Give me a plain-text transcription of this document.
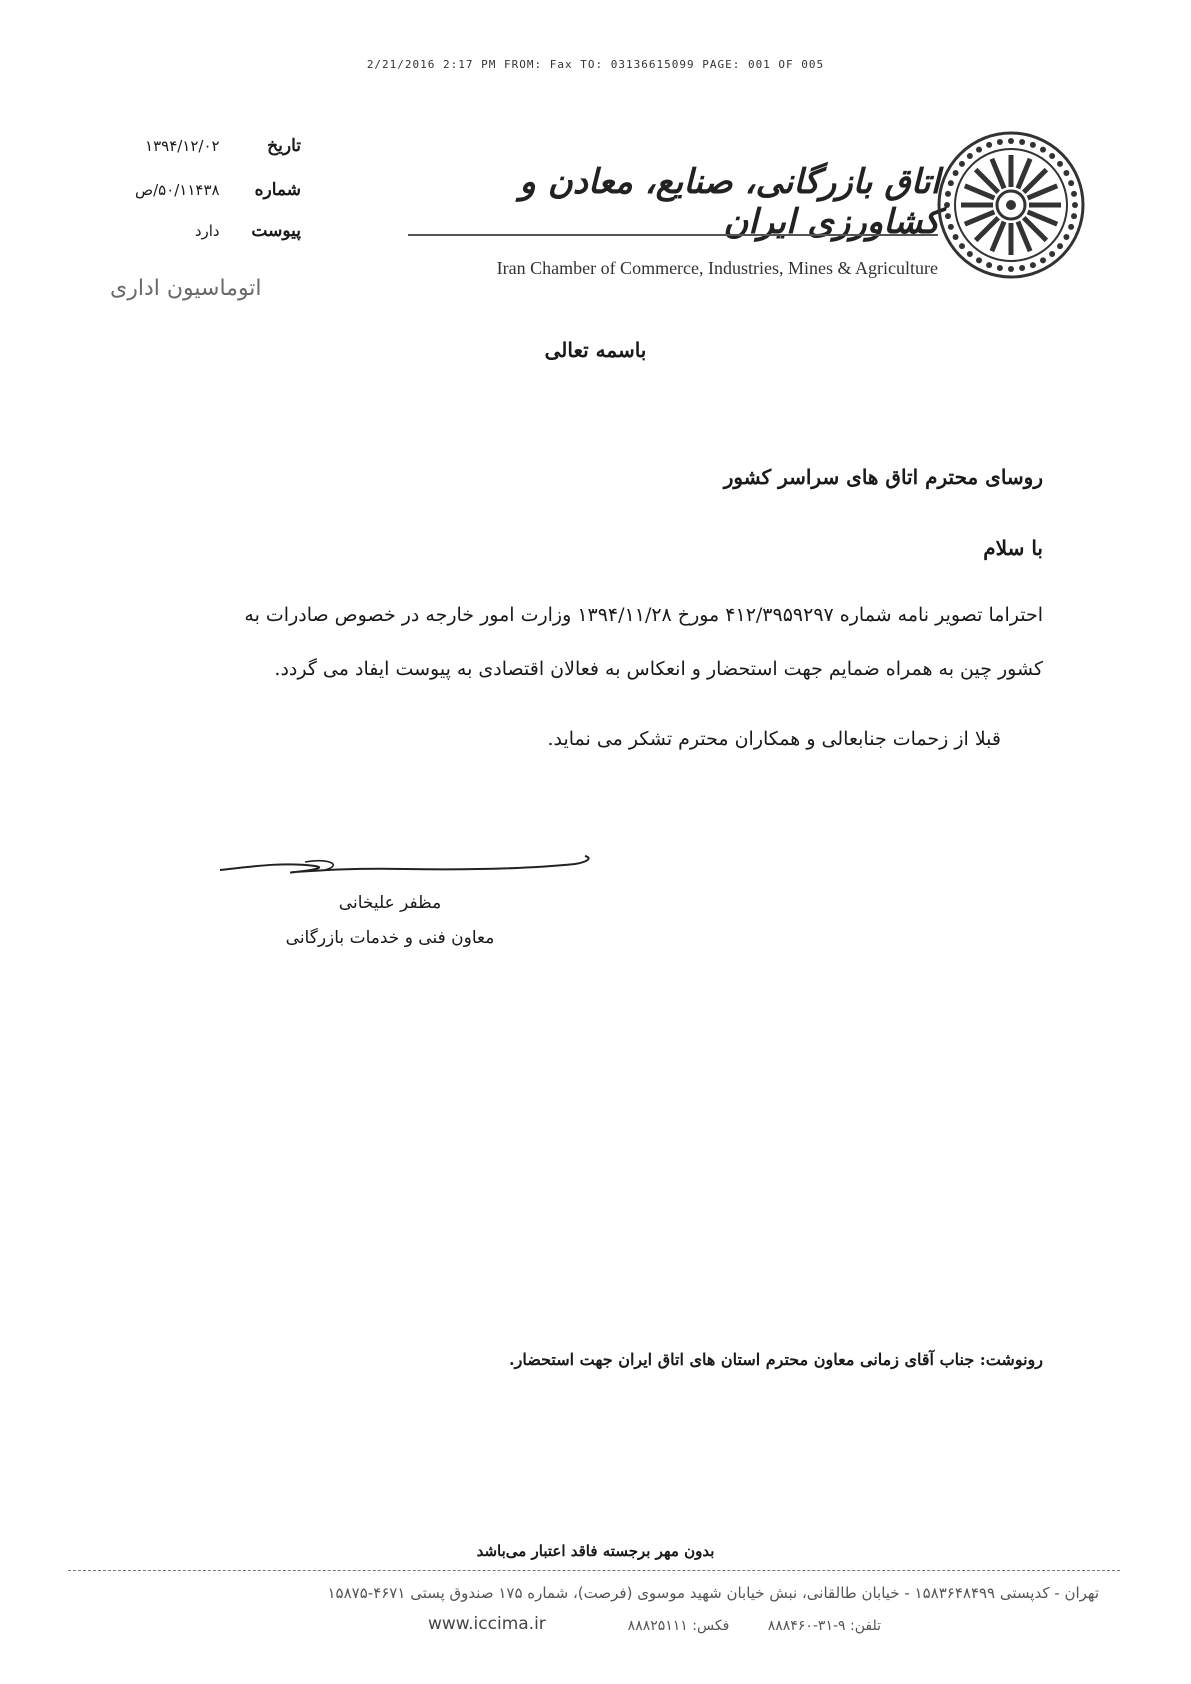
2/21/2016 2:17 PM FROM: Fax TO: 03136615099 PAGE: 001 OF 005
تاریخ ۱۳۹۴/۱۲/۰۲
شماره ۵۰/۱۱۴۳۸/ص
پیوست دارد
اتوماسیون اداری
اتاق بازرگانی، صنایع، معادن و کشاورزی ایران
Iran Chamber of Commerce, Industries, Mines & Agriculture
باسمه تعالی
روسای محترم اتاق های سراسر کشور
با سلام
احتراما تصویر نامه شماره ۴۱۲/۳۹۵۹۲۹۷ مورخ ۱۳۹۴/۱۱/۲۸ وزارت امور خارجه در خصوص صادرات به
کشور چین به همراه ضمایم جهت استحضار و انعکاس به فعالان اقتصادی به پیوست ایفاد می گردد.
قبلا از زحمات جنابعالی و همکاران محترم تشکر می نماید.
مظفر علیخانی
معاون فنی و خدمات بازرگانی
رونوشت: جناب آقای زمانی معاون محترم استان های اتاق ایران جهت استحضار.
بدون مهر برجسته فاقد اعتبار می‌باشد
تهران - کدپستی ۱۵۸۳۶۴۸۴۹۹ - خیابان طالقانی، نبش خیابان شهید موسوی (فرصت)، شماره ۱۷۵ صندوق پستی ۴۶۷۱-۱۵۸۷۵
تلفن: ۹-۳۱-۸۸۸۴۶۰ فکس: ۸۸۸۲۵۱۱۱
www.iccima.ir
